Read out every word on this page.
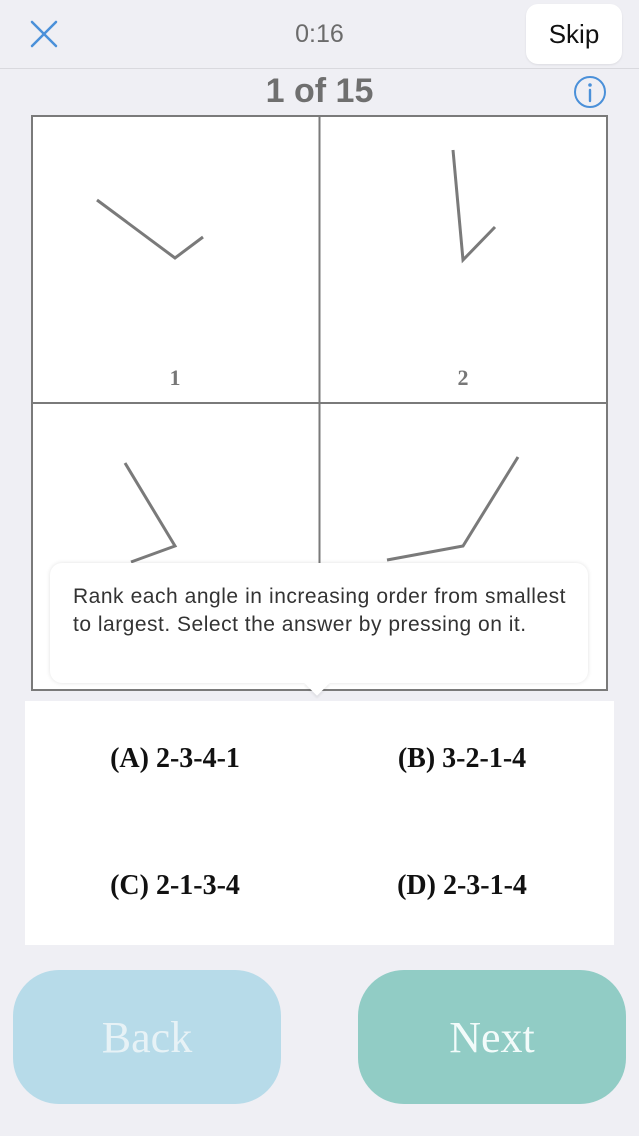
0:16	Skip
1 of 15
1	2
Rank each angle in increasing order from smallest to largest. Select the answer by pressing on it.
(A) 2-3-4-1	(B) 3-2-1-4
(C) 2-1-3-4	(D) 2-3-1-4
Back	Next
